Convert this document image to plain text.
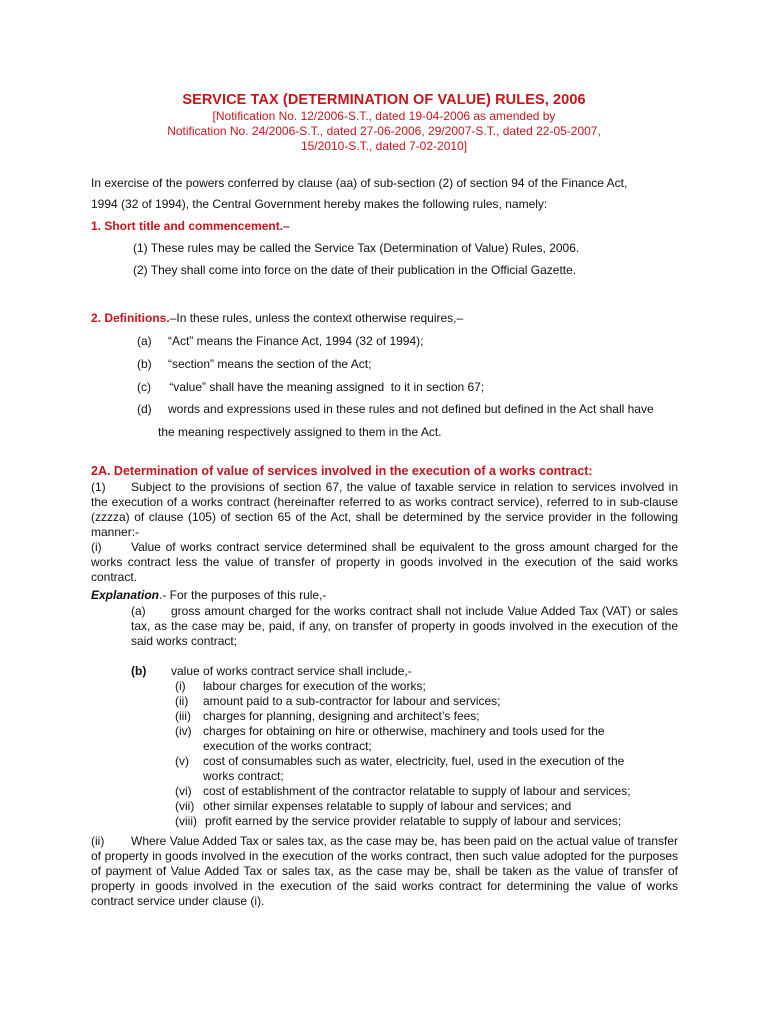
SERVICE TAX (DETERMINATION OF VALUE) RULES, 2006
[Notification No. 12/2006-S.T., dated 19-04-2006 as amended by
Notification No. 24/2006-S.T., dated 27-06-2006, 29/2007-S.T., dated 22-05-2007,
15/2010-S.T., dated 7-02-2010]
In exercise of the powers conferred by clause (aa) of sub-section (2) of section 94 of the Finance Act,
1994 (32 of 1994), the Central Government hereby makes the following rules, namely:
1. Short title and commencement.–
(1) These rules may be called the Service Tax (Determination of Value) Rules, 2006.
(2) They shall come into force on the date of their publication in the Official Gazette.
2. Definitions.–In these rules, unless the context otherwise requires,–
(a) “Act” means the Finance Act, 1994 (32 of 1994);
(b) “section” means the section of the Act;
(c) “value” shall have the meaning assigned  to it in section 67;
(d) words and expressions used in these rules and not defined but defined in the Act shall have
the meaning respectively assigned to them in the Act.
2A. Determination of value of services involved in the execution of a works contract:
(1) Subject to the provisions of section 67, the value of taxable service in relation to services involved in the execution of a works contract (hereinafter referred to as works contract service), referred to in sub-clause (zzzza) of clause (105) of section 65 of the Act, shall be determined by the service provider in the following manner:-
(i) Value of works contract service determined shall be equivalent to the gross amount charged for the works contract less the value of transfer of property in goods involved in the execution of the said works contract.
Explanation.- For the purposes of this rule,-
(a) gross amount charged for the works contract shall not include Value Added Tax (VAT) or sales tax, as the case may be, paid, if any, on transfer of property in goods involved in the execution of the said works contract;
(b) value of works contract service shall include,-
(i) labour charges for execution of the works;
(ii) amount paid to a sub-contractor for labour and services;
(iii) charges for planning, designing and architect’s fees;
(iv) charges for obtaining on hire or otherwise, machinery and tools used for the
execution of the works contract;
(v) cost of consumables such as water, electricity, fuel, used in the execution of the
works contract;
(vi) cost of establishment of the contractor relatable to supply of labour and services;
(vii) other similar expenses relatable to supply of labour and services; and
(viii) profit earned by the service provider relatable to supply of labour and services;
(ii) Where Value Added Tax or sales tax, as the case may be, has been paid on the actual value of transfer of property in goods involved in the execution of the works contract, then such value adopted for the purposes of payment of Value Added Tax or sales tax, as the case may be, shall be taken as the value of transfer of property in goods involved in the execution of the said works contract for determining the value of works contract service under clause (i).
